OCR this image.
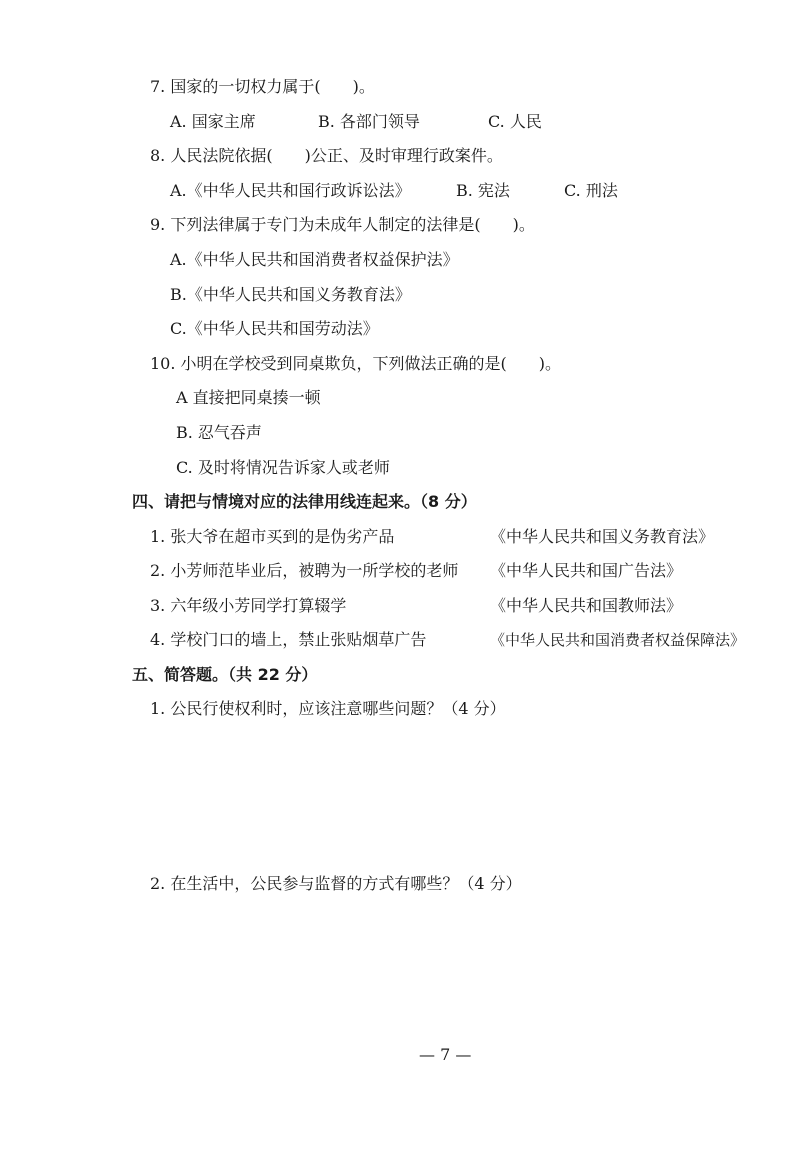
7. 国家的一切权力属于(　　)。
A. 国家主席	B. 各部门领导	C. 人民
8. 人民法院依据(　　)公正、及时审理行政案件。
A.《中华人民共和国行政诉讼法》	B. 宪法	C. 刑法
9. 下列法律属于专门为未成年人制定的法律是(　　)。
A.《中华人民共和国消费者权益保护法》
B.《中华人民共和国义务教育法》
C.《中华人民共和国劳动法》
10. 小明在学校受到同桌欺负，下列做法正确的是(　　)。
A 直接把同桌揍一顿
B. 忍气吞声
C. 及时将情况告诉家人或老师
四、请把与情境对应的法律用线连起来。（8 分）
1. 张大爷在超市买到的是伪劣产品	《中华人民共和国义务教育法》
2. 小芳师范毕业后，被聘为一所学校的老师 《中华人民共和国广告法》
3. 六年级小芳同学打算辍学	《中华人民共和国教师法》
4. 学校门口的墙上，禁止张贴烟草广告	《中华人民共和国消费者权益保障法》
五、简答题。（共 22 分）
1. 公民行使权利时，应该注意哪些问题？（4 分）
2. 在生活中，公民参与监督的方式有哪些？（4 分）
— 7 —
